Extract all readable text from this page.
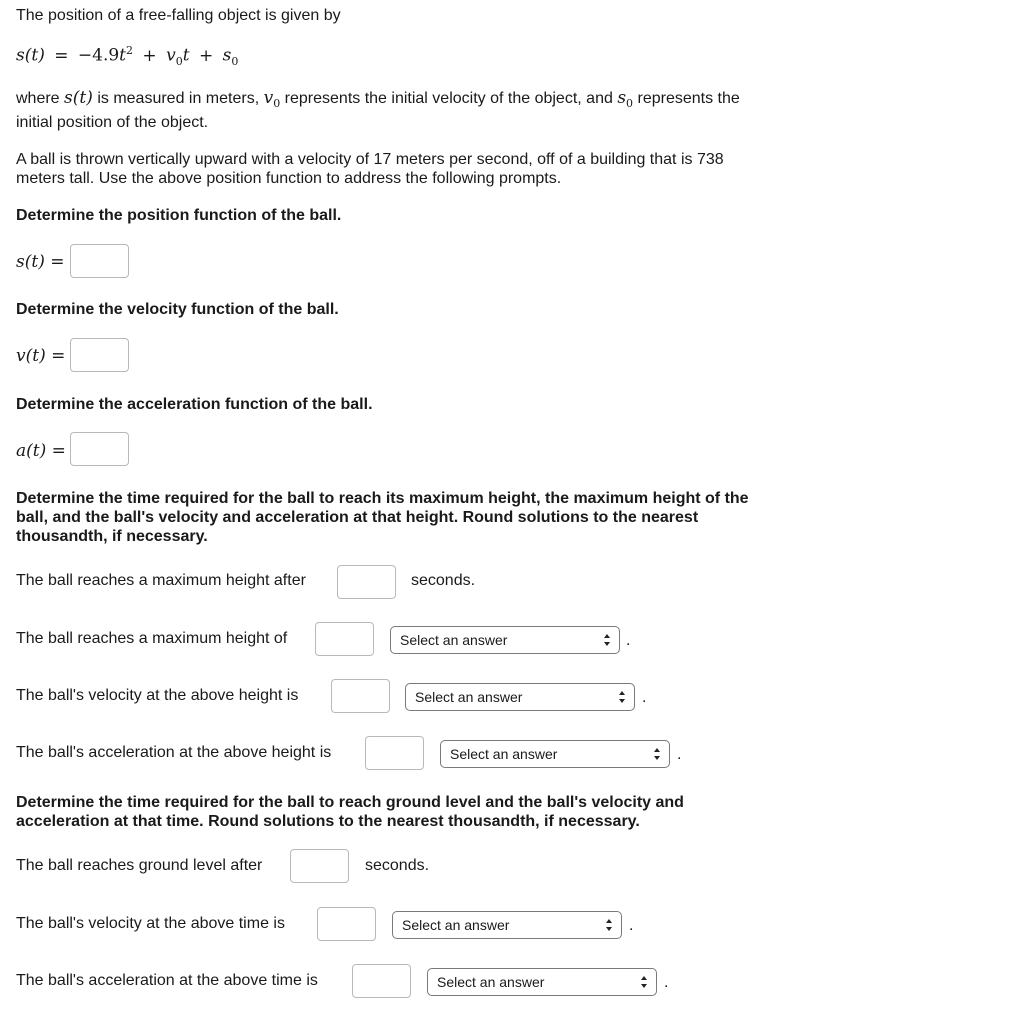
The position of a free-falling object is given by

$s(t) = -4.9t^2 + v_0t + s_0$
where s(t) is measured in meters, $v_0$ represents the initial velocity of the object, and $s_0$ represents the

initial position of the object.

A ball is thrown vertically upward with a velocity of 17 meters per second, off of a building that is 738

meters tall. Use the above position function to address the following prompts.

Determine the position function of the ball.

s(t) =

Determine the velocity function of the ball.

v(t) =

Determine the acceleration function of the ball.

a(t) =

Determine the time required for the ball to reach its maximum height, the maximum height of the

ball, and the ball's velocity and acceleration at that height. Round solutions to the nearest

thousandth, if necessary.

The ball reaches a maximum height after	seconds.

The ball reaches a maximum height of	Select an answer	.

The ball's velocity at the above height is	Select an answer	.

The ball's acceleration at the above height is	Select an answer	.

Determine the time required for the ball to reach ground level and the ball's velocity and

acceleration at that time. Round solutions to the nearest thousandth, if necessary.

The ball reaches ground level after	seconds.

The ball's velocity at the above time is	Select an answer	.

The ball's acceleration at the above time is	Select an answer	.
